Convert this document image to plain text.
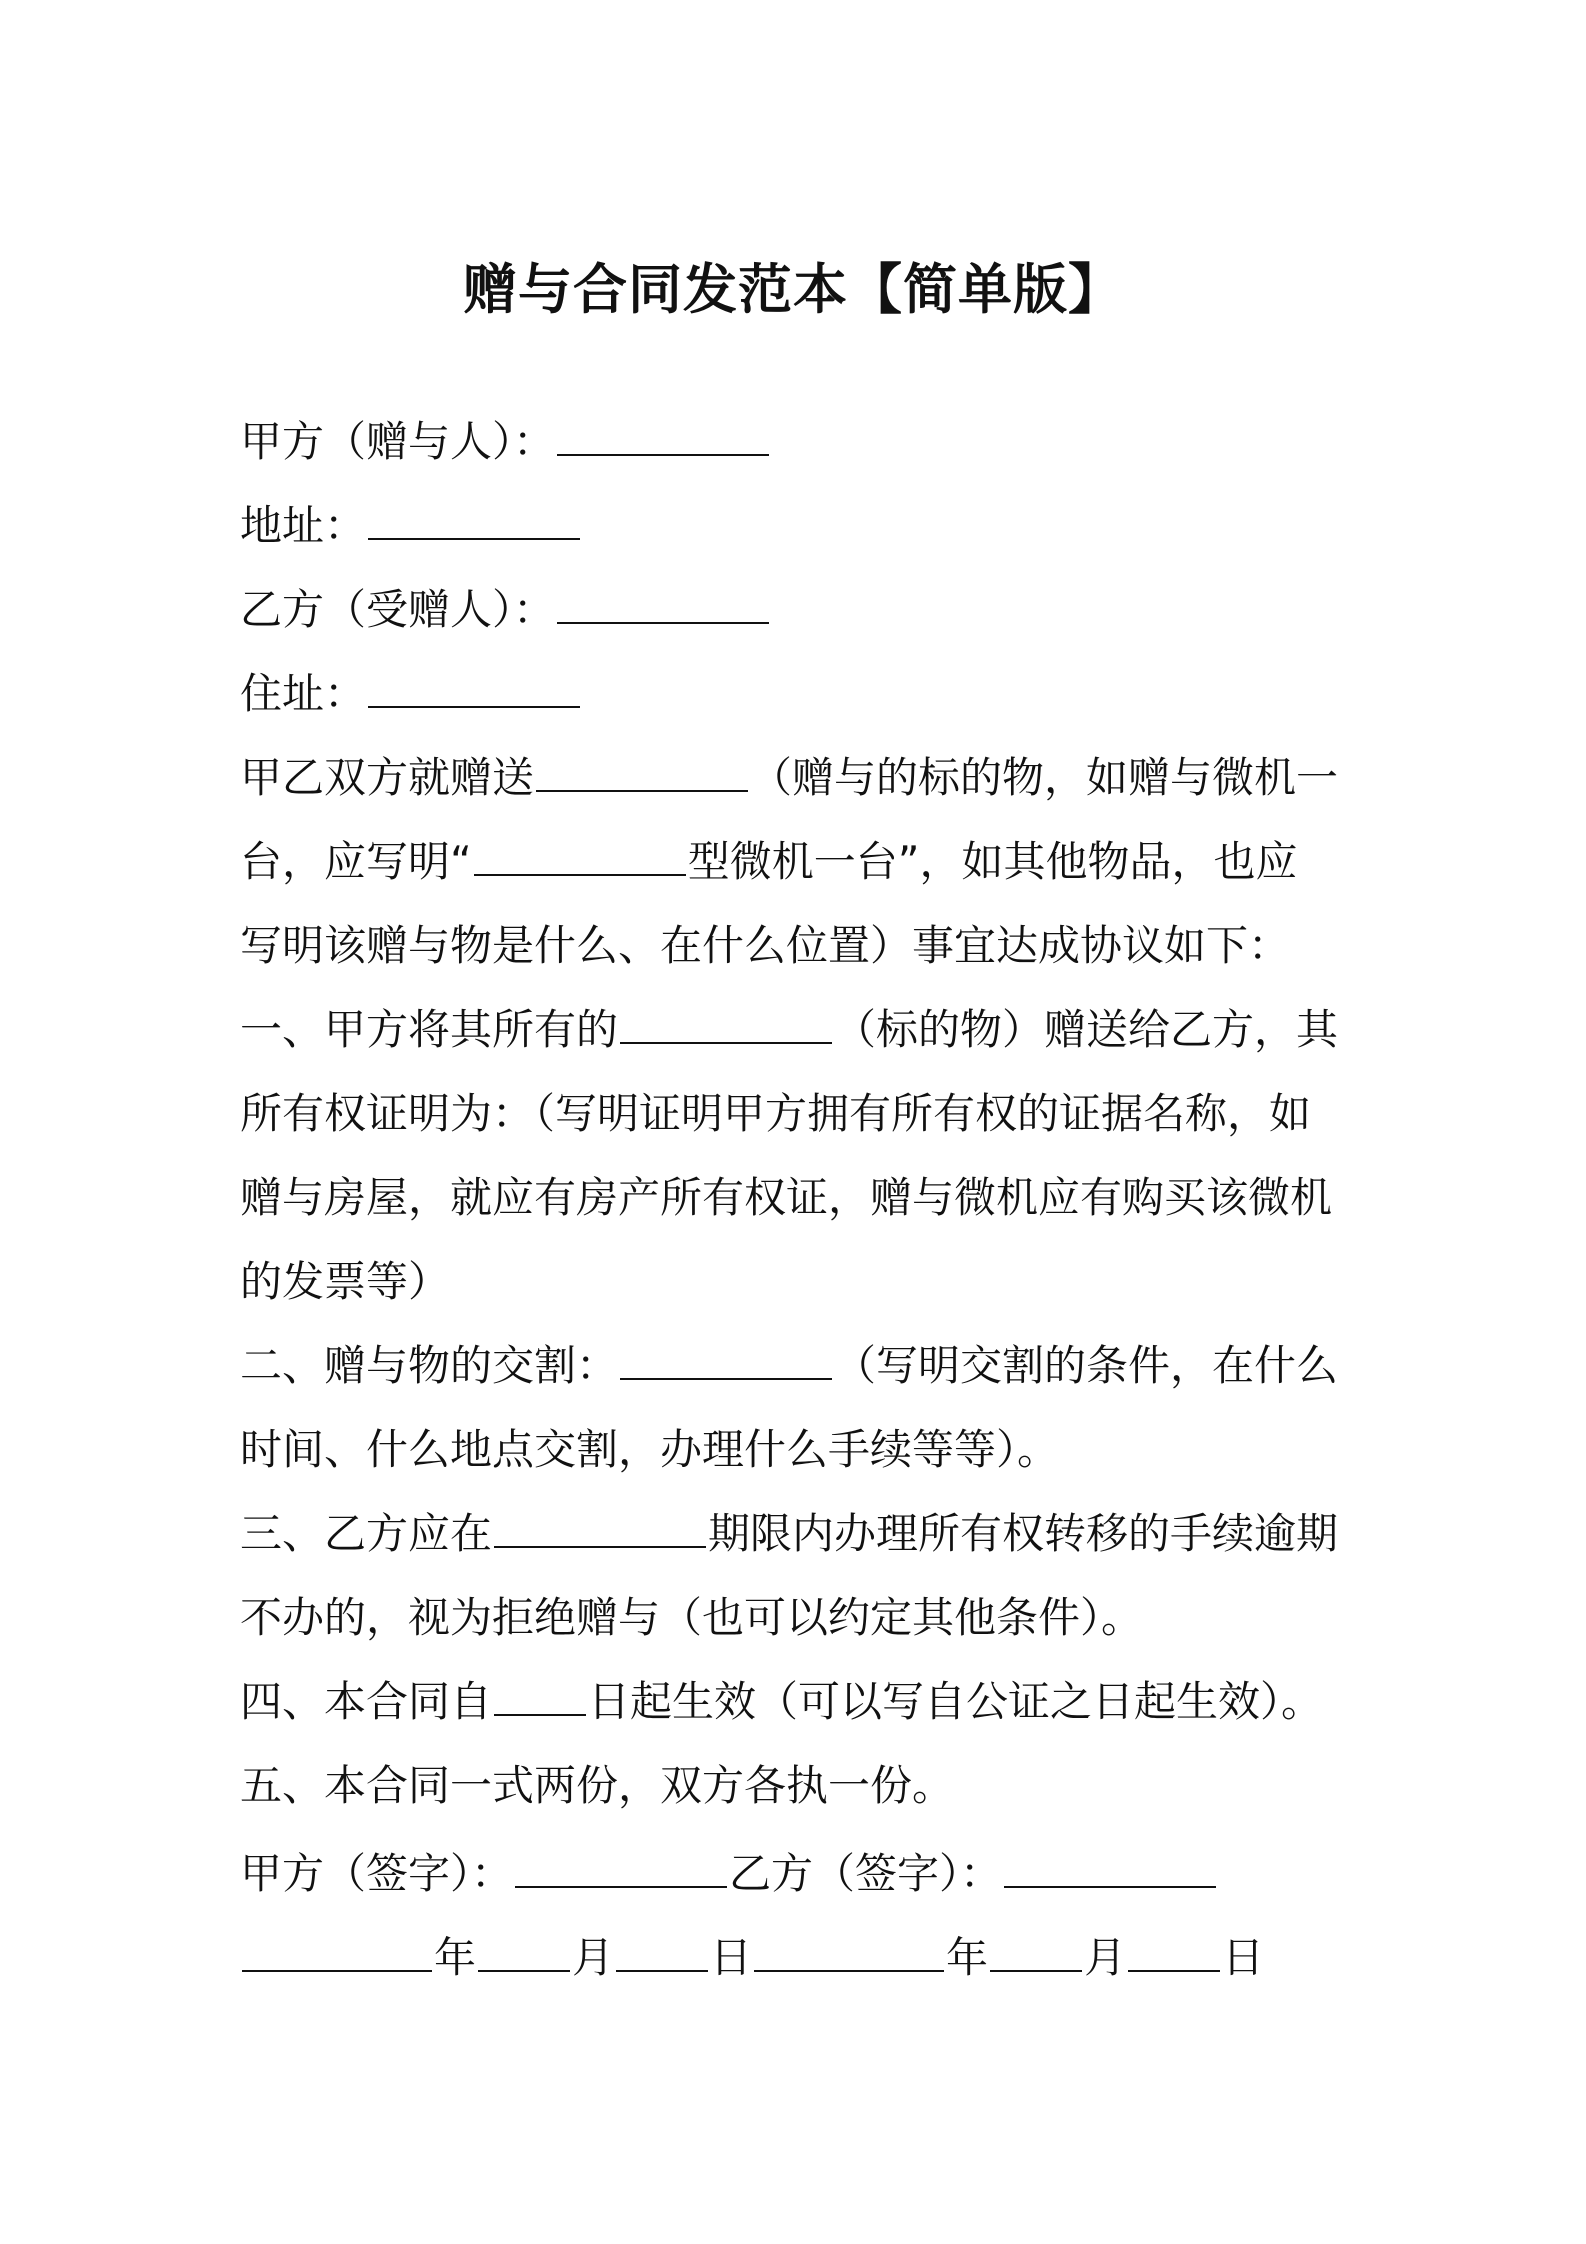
赠与合同发范本【简单版】
甲方（赠与人）：
地址：
乙方（受赠人）：
住址：
甲乙双方就赠送	（赠与的标的物，如赠与微机一
台，应写明“	型微机一台”，如其他物品，也应
写明该赠与物是什么、在什么位置）事宜达成协议如下：
一、甲方将其所有的	（标的物）赠送给乙方，其
所有权证明为：（写明证明甲方拥有所有权的证据名称，如
赠与房屋，就应有房产所有权证，赠与微机应有购买该微机
的发票等）
二、赠与物的交割：	（写明交割的条件，在什么
时间、什么地点交割，办理什么手续等等）。
三、乙方应在	期限内办理所有权转移的手续逾期
不办的，视为拒绝赠与（也可以约定其他条件）。
四、本合同自 日起生效（可以写自公证之日起生效）。
五、本合同一式两份，双方各执一份。
甲方（签字）：	乙方（签字）：
年 月 日	年 月 日
